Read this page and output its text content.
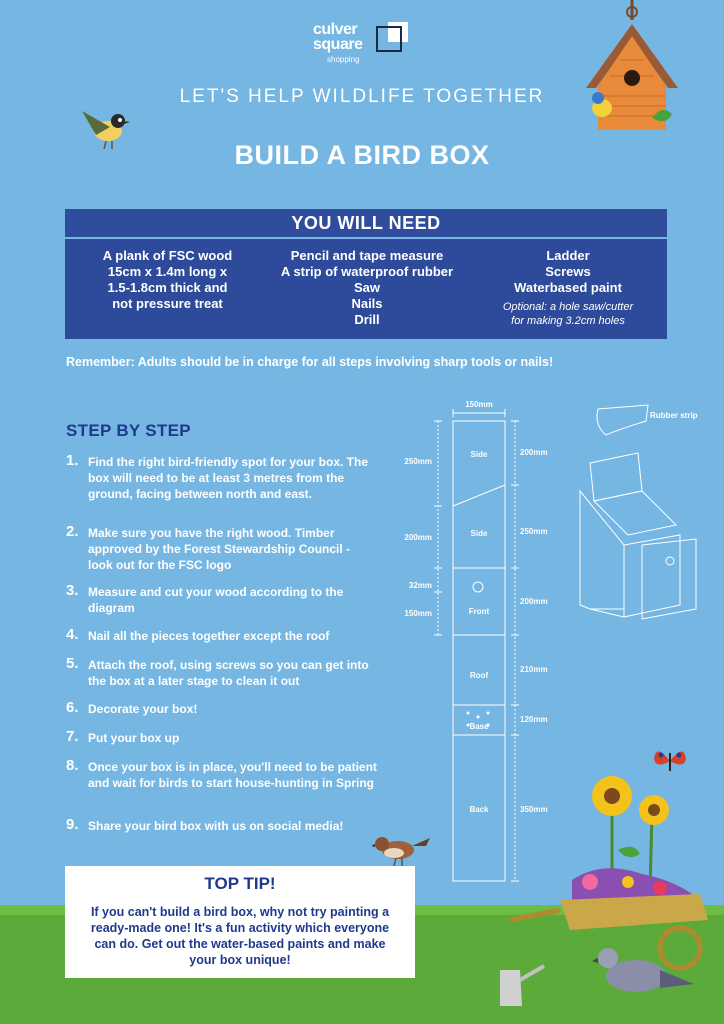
culver
square
shopping
LET'S HELP WILDLIFE TOGETHER
BUILD A BIRD BOX
YOU WILL NEED
A plank of FSC wood
15cm x 1.4m long x
1.5-1.8cm thick and
not pressure treat
Pencil and tape measure
A strip of waterproof rubber
Saw
Nails
Drill
Ladder
Screws
Waterbased paint
Optional: a hole saw/cutter
for making 3.2cm holes
Remember: Adults should be in charge for all steps involving sharp tools or nails!
STEP BY STEP
1. Find the right bird-friendly spot for your box. The box will need to be at least 3 metres from the ground, facing between north and east.
2. Make sure you have the right wood. Timber approved by the Forest Stewardship Council - look out for the FSC logo
3. Measure and cut your wood according to the diagram
4. Nail all the pieces together except the roof
5. Attach the roof, using screws so you can get into the box at a later stage to clean it out
6. Decorate your box!
7. Put your box up
8. Once your box is in place, you'll need to be patient and wait for birds to start house-hunting in Spring
9. Share your bird box with us on social media!
TOP TIP!
If you can't build a bird box, why not try painting a ready-made one! It's a fun activity which everyone can do. Get out the water-based paints and make your box unique!
150mm
Side
Side
Front
Roof
Base
Back
200mm
250mm
200mm
210mm
120mm
350mm
250mm
200mm
32mm
150mm
Rubber strip
